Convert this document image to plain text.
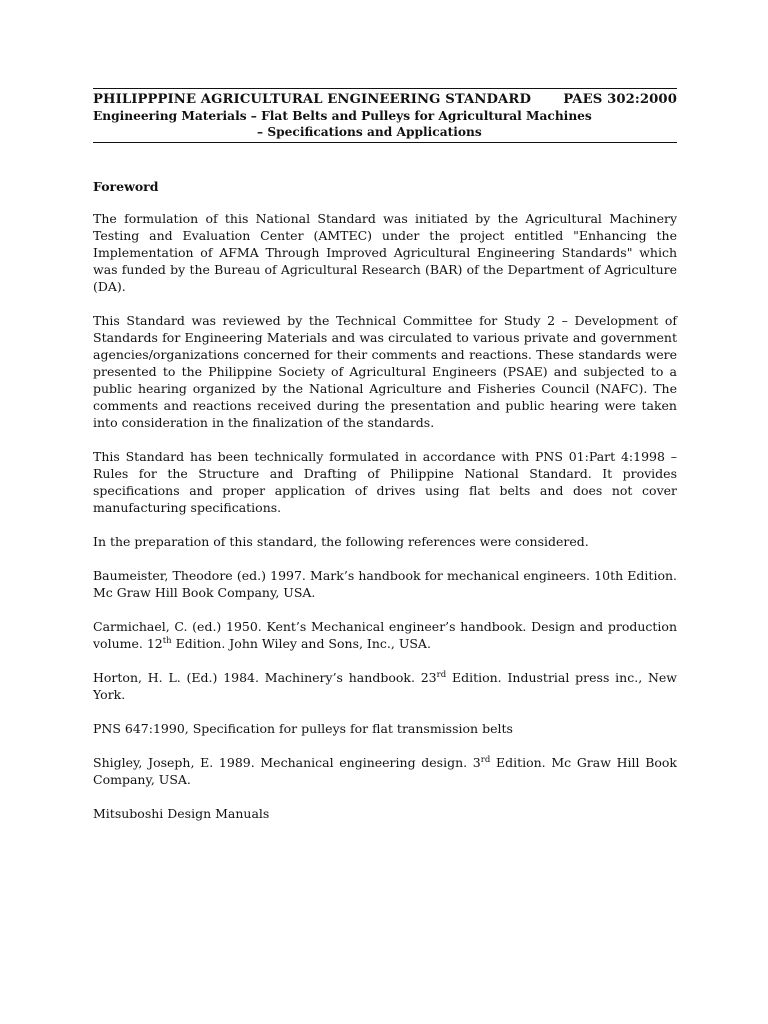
PHILIPPPINE AGRICULTURAL ENGINEERING STANDARD PAES 302:2000
Engineering Materials – Flat Belts and Pulleys for Agricultural Machines
– Specifications and Applications
Foreword

The formulation of this National Standard was initiated by the Agricultural Machinery Testing and Evaluation Center (AMTEC) under the project entitled "Enhancing the Implementation of AFMA Through Improved Agricultural Engineering Standards" which was funded by the Bureau of Agricultural Research (BAR) of the Department of Agriculture (DA).

This Standard was reviewed by the Technical Committee for Study 2 – Development of Standards for Engineering Materials and was circulated to various private and government agencies/organizations concerned for their comments and reactions. These standards were presented to the Philippine Society of Agricultural Engineers (PSAE) and subjected to a public hearing organized by the National Agriculture and Fisheries Council (NAFC). The comments and reactions received during the presentation and public hearing were taken into consideration in the finalization of the standards.

This Standard has been technically formulated in accordance with PNS 01:Part 4:1998 – Rules for the Structure and Drafting of Philippine National Standard. It provides specifications and proper application of drives using flat belts and does not cover manufacturing specifications.

In the preparation of this standard, the following references were considered.

Baumeister, Theodore (ed.) 1997. Mark’s handbook for mechanical engineers. 10th Edition. Mc Graw Hill Book Company, USA.
Carmichael, C. (ed.) 1950. Kent’s Mechanical engineer’s handbook. Design and production volume. 12th Edition. John Wiley and Sons, Inc., USA.
Horton, H. L. (Ed.) 1984. Machinery’s handbook. 23rd Edition. Industrial press inc., New York.
PNS 647:1990, Specification for pulleys for flat transmission belts
Shigley, Joseph, E. 1989. Mechanical engineering design. 3rd Edition. Mc Graw Hill Book Company, USA.
Mitsuboshi Design Manuals
